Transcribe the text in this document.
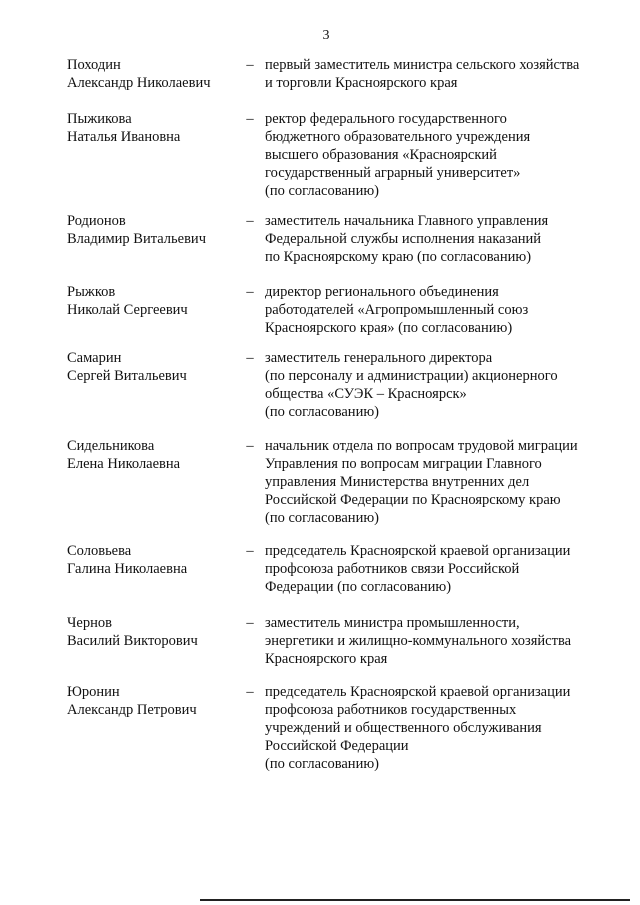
3
Походин
Александр Николаевич
– первый заместитель министра сельского хозяйства
и торговли Красноярского края
Пыжикова
Наталья Ивановна
– ректор федерального государственного
бюджетного образовательного учреждения
высшего образования «Красноярский
государственный аграрный университет»
(по согласованию)
Родионов
Владимир Витальевич
– заместитель начальника Главного управления
Федеральной службы исполнения наказаний
по Красноярскому краю (по согласованию)
Рыжков
Николай Сергеевич
– директор регионального объединения
работодателей «Агропромышленный союз
Красноярского края» (по согласованию)
Самарин
Сергей Витальевич
– заместитель генерального директора
(по персоналу и администрации) акционерного
общества «СУЭК – Красноярск»
(по согласованию)
Сидельникова
Елена Николаевна
– начальник отдела по вопросам трудовой миграции
Управления по вопросам миграции Главного
управления Министерства внутренних дел
Российской Федерации по Красноярскому краю
(по согласованию)
Соловьева
Галина Николаевна
– председатель Красноярской краевой организации
профсоюза работников связи Российской
Федерации (по согласованию)
Чернов
Василий Викторович
– заместитель министра промышленности,
энергетики и жилищно-коммунального хозяйства
Красноярского края
Юронин
Александр Петрович
– председатель Красноярской краевой организации
профсоюза работников государственных
учреждений и общественного обслуживания
Российской Федерации
(по согласованию)
